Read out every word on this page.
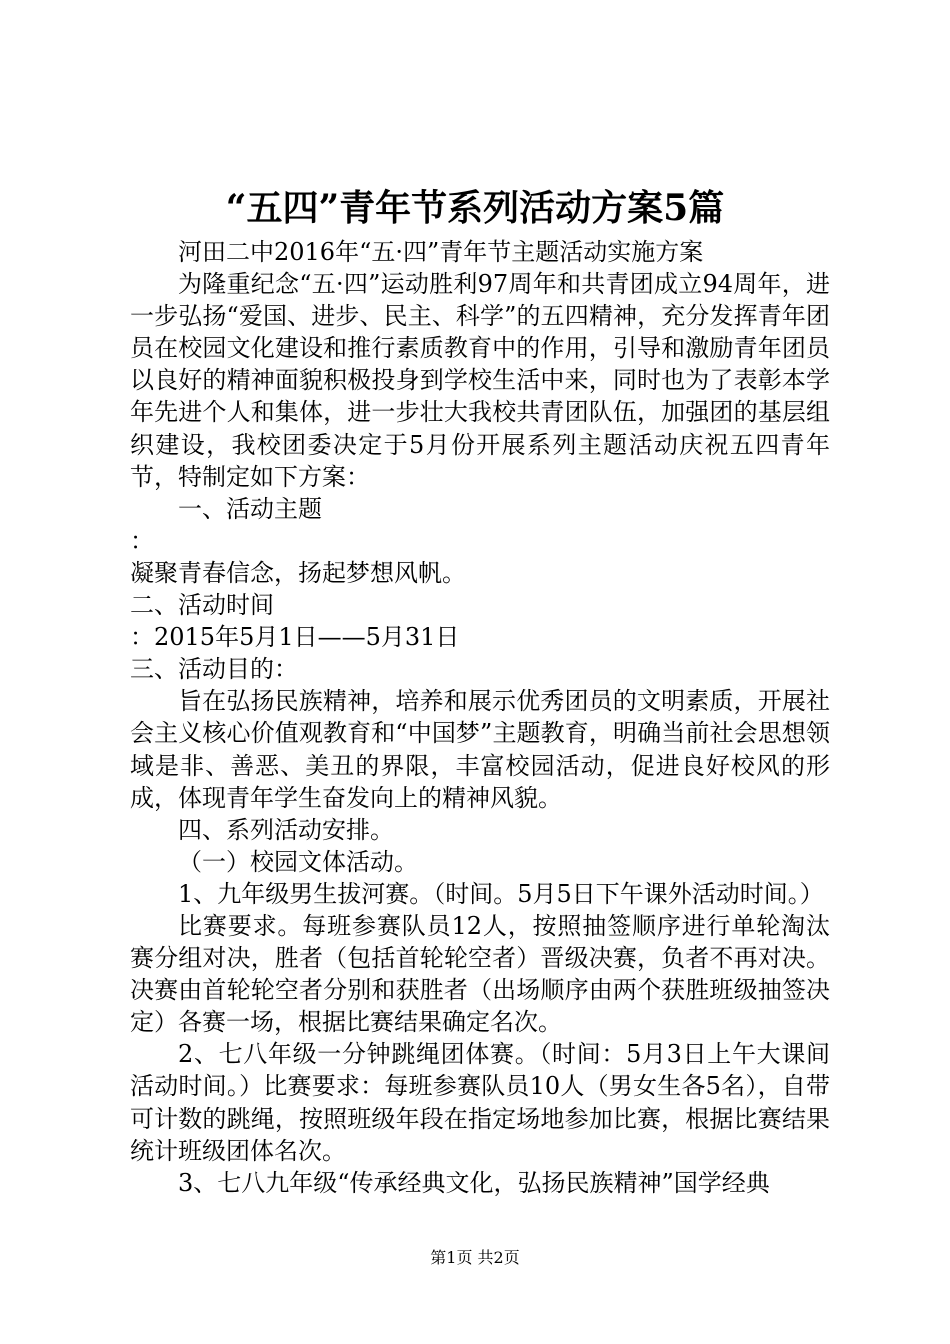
“五四”青年节系列活动方案5篇

河田二中2016年“五·四”青年节主题活动实施方案

为隆重纪念“五·四”运动胜利97周年和共青团成立94周年，进一步弘扬“爱国、进步、民主、科学”的五四精神，充分发挥青年团员在校园文化建设和推行素质教育中的作用，引导和激励青年团员以良好的精神面貌积极投身到学校生活中来，同时也为了表彰本学年先进个人和集体，进一步壮大我校共青团队伍，加强团的基层组织建设，我校团委决定于5月份开展系列主题活动庆祝五四青年节，特制定如下方案：

一、活动主题

：

凝聚青春信念，扬起梦想风帆。

二、活动时间

：2015年5月1日——5月31日

三、活动目的：

旨在弘扬民族精神，培养和展示优秀团员的文明素质，开展社会主义核心价值观教育和“中国梦”主题教育，明确当前社会思想领域是非、善恶、美丑的界限，丰富校园活动，促进良好校风的形成，体现青年学生奋发向上的精神风貌。

四、系列活动安排。

（一）校园文体活动。

1、九年级男生拔河赛。（时间。5月5日下午课外活动时间。）

比赛要求。每班参赛队员12人，按照抽签顺序进行单轮淘汰赛分组对决，胜者（包括首轮轮空者）晋级决赛，负者不再对决。决赛由首轮轮空者分别和获胜者（出场顺序由两个获胜班级抽签决定）各赛一场，根据比赛结果确定名次。

2、七八年级一分钟跳绳团体赛。（时间：5月3日上午大课间活动时间。）比赛要求：每班参赛队员10人（男女生各5名），自带可计数的跳绳，按照班级年段在指定场地参加比赛，根据比赛结果统计班级团体名次。

3、七八九年级“传承经典文化，弘扬民族精神”国学经典

第1页 共2页
